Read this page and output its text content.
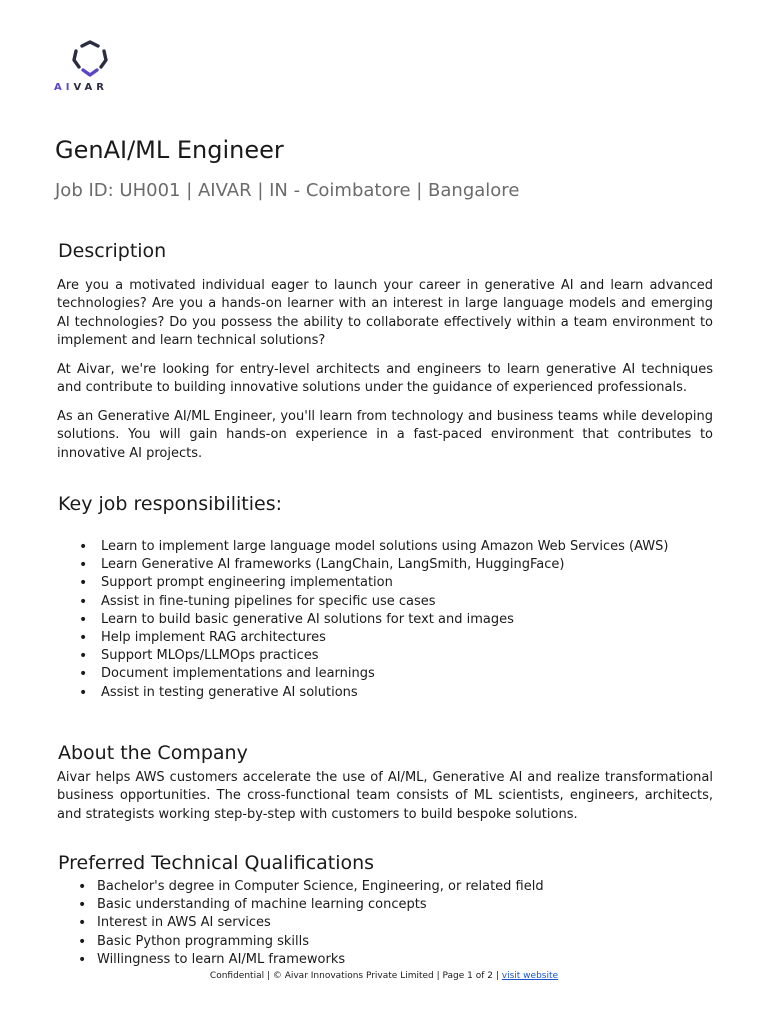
AIVAR
GenAI/ML Engineer

Job ID: UH001 | AIVAR | IN - Coimbatore | Bangalore

Description

Are you a motivated individual eager to launch your career in generative AI and learn advanced technologies? Are you a hands-on learner with an interest in large language models and emerging AI technologies? Do you possess the ability to collaborate effectively within a team environment to implement and learn technical solutions?

At Aivar, we're looking for entry-level architects and engineers to learn generative AI techniques and contribute to building innovative solutions under the guidance of experienced professionals.

As an Generative AI/ML Engineer, you'll learn from technology and business teams while developing solutions. You will gain hands-on experience in a fast-paced environment that contributes to innovative AI projects.

Key job responsibilities:
• Learn to implement large language model solutions using Amazon Web Services (AWS)
• Learn Generative AI frameworks (LangChain, LangSmith, HuggingFace)
• Support prompt engineering implementation
• Assist in fine-tuning pipelines for specific use cases
• Learn to build basic generative AI solutions for text and images
• Help implement RAG architectures
• Support MLOps/LLMOps practices
• Document implementations and learnings
• Assist in testing generative AI solutions
About the Company

Aivar helps AWS customers accelerate the use of AI/ML, Generative AI and realize transformational business opportunities. The cross-functional team consists of ML scientists, engineers, architects, and strategists working step-by-step with customers to build bespoke solutions.

Preferred Technical Qualifications
• Bachelor's degree in Computer Science, Engineering, or related field
• Basic understanding of machine learning concepts
• Interest in AWS AI services
• Basic Python programming skills
• Willingness to learn AI/ML frameworks
Confidential | © Aivar Innovations Private Limited | Page 1 of 2 | visit website
